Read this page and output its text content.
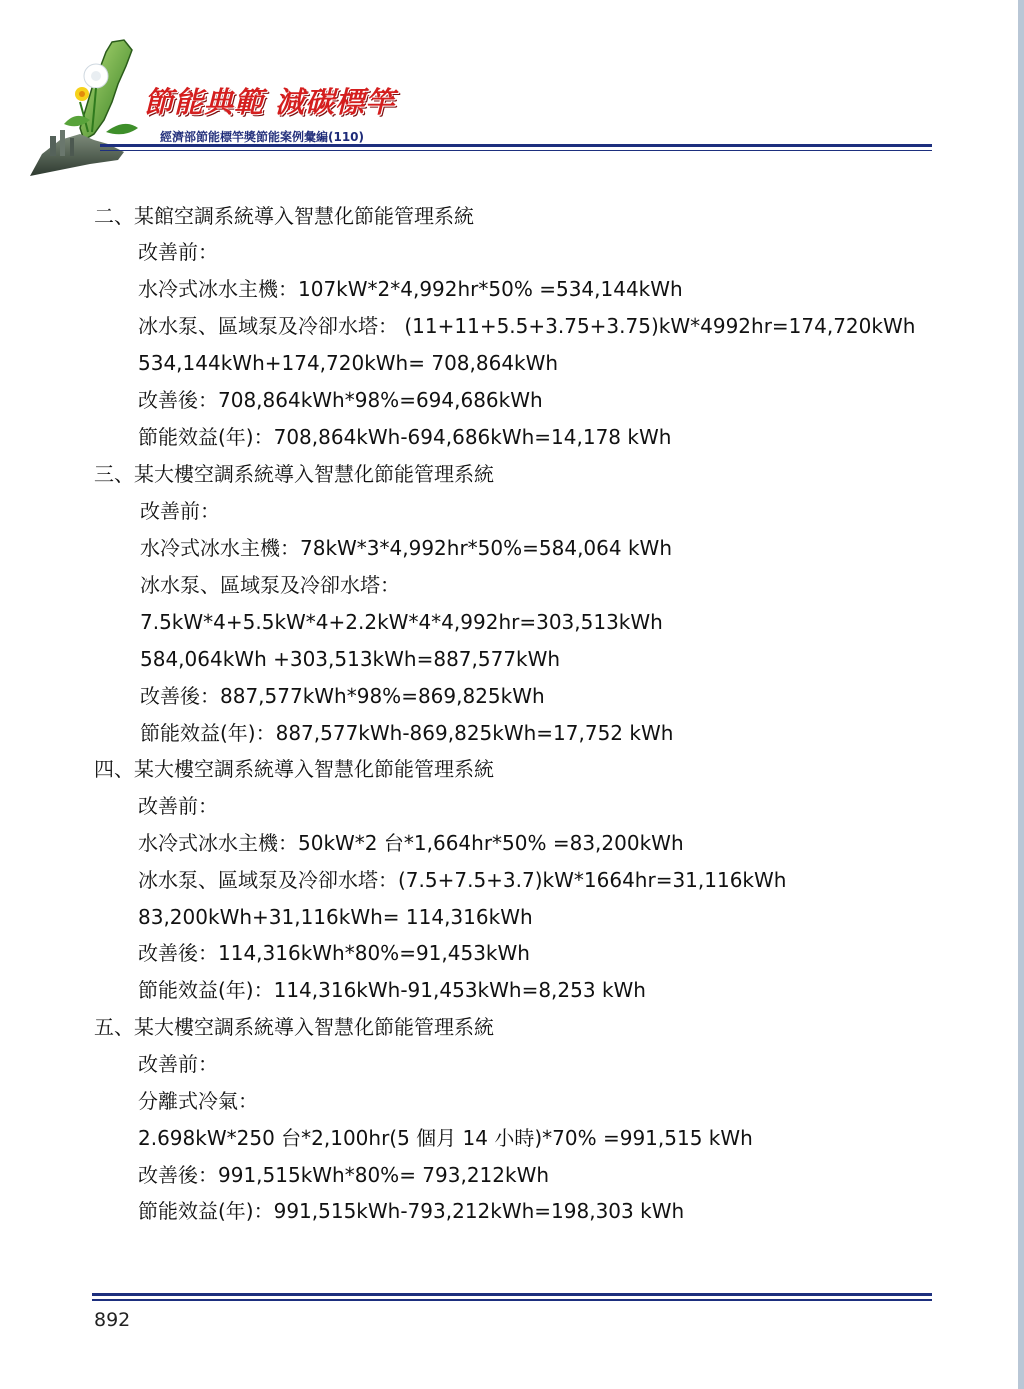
節能典範 減碳標竿
經濟部節能標竿獎節能案例彙編(110)
二、某館空調系統導入智慧化節能管理系統
改善前：
水冷式冰水主機：107kW*2*4,992hr*50% =534,144kWh
冰水泵、區域泵及冷卻水塔： (11+11+5.5+3.75+3.75)kW*4992hr=174,720kWh
534,144kWh+174,720kWh= 708,864kWh
改善後：708,864kWh*98%=694,686kWh
節能效益(年)：708,864kWh-694,686kWh=14,178 kWh
三、某大樓空調系統導入智慧化節能管理系統
改善前：
水冷式冰水主機：78kW*3*4,992hr*50%=584,064 kWh
冰水泵、區域泵及冷卻水塔：
7.5kW*4+5.5kW*4+2.2kW*4*4,992hr=303,513kWh
584,064kWh +303,513kWh=887,577kWh
改善後：887,577kWh*98%=869,825kWh
節能效益(年)：887,577kWh-869,825kWh=17,752 kWh
四、某大樓空調系統導入智慧化節能管理系統
改善前：
水冷式冰水主機：50kW*2 台*1,664hr*50% =83,200kWh
冰水泵、區域泵及冷卻水塔：(7.5+7.5+3.7)kW*1664hr=31,116kWh
83,200kWh+31,116kWh= 114,316kWh
改善後：114,316kWh*80%=91,453kWh
節能效益(年)：114,316kWh-91,453kWh=8,253 kWh
五、某大樓空調系統導入智慧化節能管理系統
改善前：
分離式冷氣：
2.698kW*250 台*2,100hr(5 個月 14 小時)*70% =991,515 kWh
改善後：991,515kWh*80%= 793,212kWh
節能效益(年)：991,515kWh-793,212kWh=198,303 kWh
892
